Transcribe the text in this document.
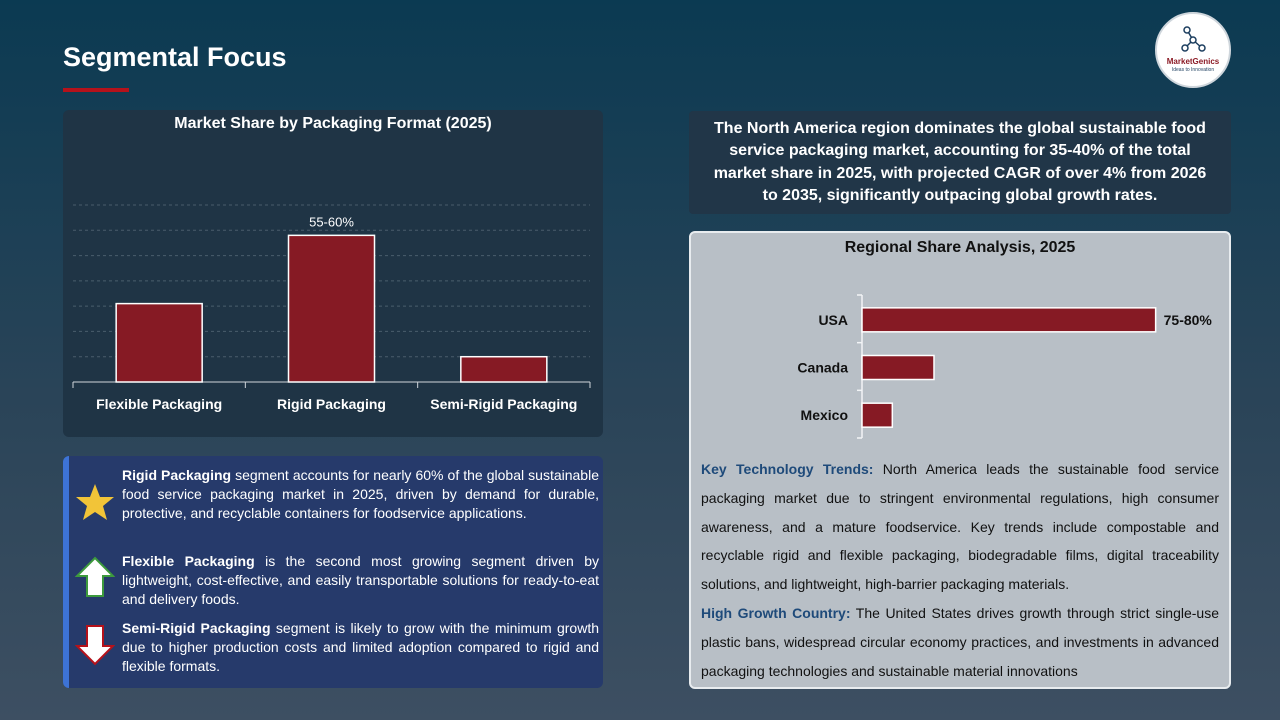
Segmental Focus	MarketGenics
Ideas to Innovation
Market Share by Packaging Format (2025)
Flexible Packaging	Rigid Packaging
55-60%
Semi-Rigid Packaging
Rigid Packaging segment accounts for nearly 60% of the global sustainable food service packaging market in 2025, driven by demand for durable, protective, and recyclable containers for foodservice applications.
Flexible Packaging is the second most growing segment driven by lightweight, cost-effective, and easily transportable solutions for ready-to-eat and delivery foods.
Semi-Rigid Packaging segment is likely to grow with the minimum growth due to higher production costs and limited adoption compared to rigid and flexible formats.
The North America region dominates the global sustainable food service packaging market, accounting for 35-40% of the total market share in 2025, with projected CAGR of over 4% from 2026 to 2035, significantly outpacing global growth rates.
Regional Share Analysis, 2025
USA	75-80%
Canada
Mexico

Key Technology Trends: North America leads the sustainable food service packaging market due to stringent environmental regulations, high consumer awareness, and a mature foodservice. Key trends include compostable and recyclable rigid and flexible packaging, biodegradable films, digital traceability solutions, and lightweight, high-barrier packaging materials.

High Growth Country: The United States drives growth through strict single-use plastic bans, widespread circular economy practices, and investments in advanced packaging technologies and sustainable material innovations
